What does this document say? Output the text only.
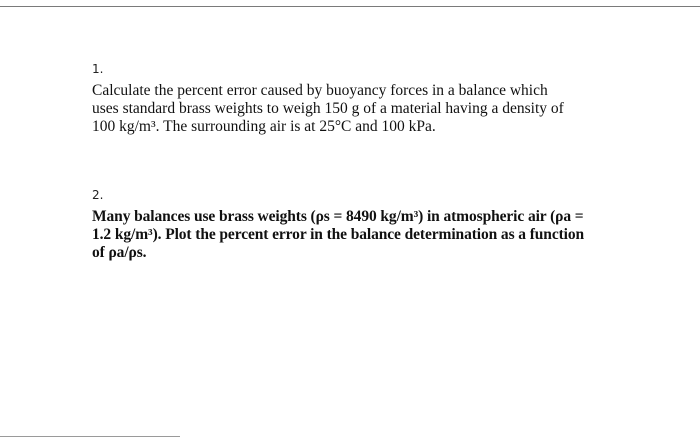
1.
Calculate the percent error caused by buoyancy forces in a balance which
uses standard brass weights to weigh 150 g of a material having a density of
100 kg/m³. The surrounding air is at 25°C and 100 kPa.
2.
Many balances use brass weights (ρs = 8490 kg/m³) in atmospheric air (ρa =
1.2 kg/m³). Plot the percent error in the balance determination as a function
of ρa/ρs.
